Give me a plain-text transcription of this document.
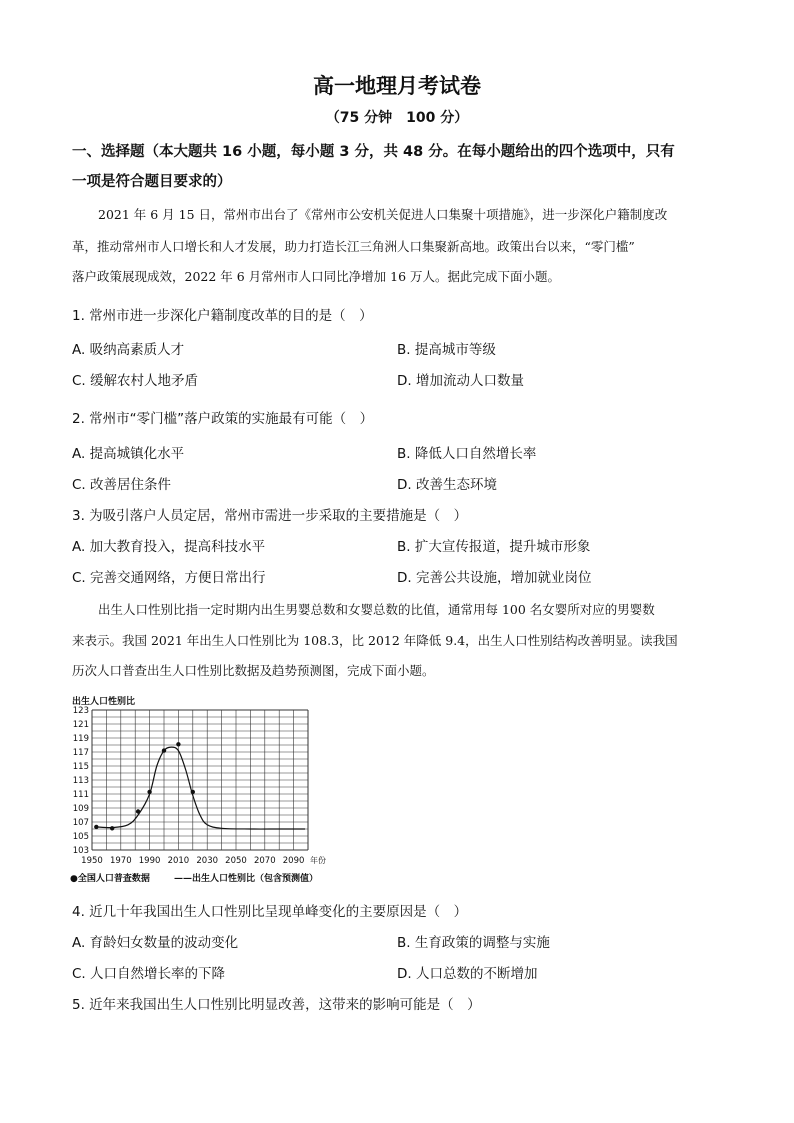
高一地理月考试卷
（75 分钟　100 分）
一、选择题（本大题共 16 小题，每小题 3 分，共 48 分。在每小题给出的四个选项中，只有
一项是符合题目要求的）
2021 年 6 月 15 日，常州市出台了《常州市公安机关促进人口集聚十项措施》，进一步深化户籍制度改
革，推动常州市人口增长和人才发展，助力打造长江三角洲人口集聚新高地。政策出台以来，“零门槛”
落户政策展现成效，2022 年 6 月常州市人口同比净增加 16 万人。据此完成下面小题。
1. 常州市进一步深化户籍制度改革的目的是（　）
A. 吸纳高素质人才	B. 提高城市等级
C. 缓解农村人地矛盾	D. 增加流动人口数量
2. 常州市“零门槛”落户政策的实施最有可能（　）
A. 提高城镇化水平	B. 降低人口自然增长率
C. 改善居住条件	D. 改善生态环境
3. 为吸引落户人员定居，常州市需进一步采取的主要措施是（　）
A. 加大教育投入，提高科技水平	B. 扩大宣传报道，提升城市形象
C. 完善交通网络，方便日常出行	D. 完善公共设施，增加就业岗位
出生人口性别比指一定时期内出生男婴总数和女婴总数的比值，通常用每 100 名女婴所对应的男婴数
来表示。我国 2021 年出生人口性别比为 108.3，比 2012 年降低 9.4，出生人口性别结构改善明显。读我国
历次人口普查出生人口性别比数据及趋势预测图，完成下面小题。
出生人口性别比
103
105
107
109
111
113
115
117
119
121
123
1950 1970 1990 2010 2030 2050 2070 2090 年份
●全国人口普查数据	——出生人口性别比（包含预测值）
4. 近几十年我国出生人口性别比呈现单峰变化的主要原因是（　）
A. 育龄妇女数量的波动变化	B. 生育政策的调整与实施
C. 人口自然增长率的下降	D. 人口总数的不断增加
5. 近年来我国出生人口性别比明显改善，这带来的影响可能是（　）
